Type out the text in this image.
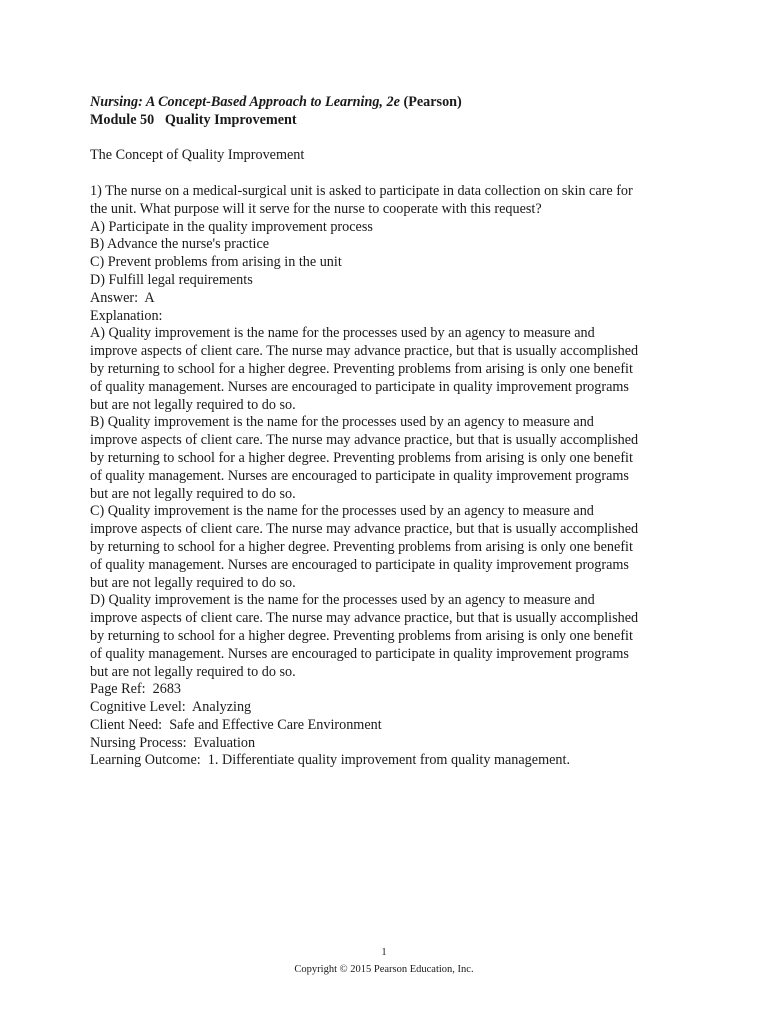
Nursing: A Concept-Based Approach to Learning, 2e (Pearson)
Module 50   Quality Improvement
The Concept of Quality Improvement
1) The nurse on a medical-surgical unit is asked to participate in data collection on skin care for
the unit. What purpose will it serve for the nurse to cooperate with this request?
A) Participate in the quality improvement process
B) Advance the nurse's practice
C) Prevent problems from arising in the unit
D) Fulfill legal requirements
Answer:  A
Explanation:
A) Quality improvement is the name for the processes used by an agency to measure and
improve aspects of client care. The nurse may advance practice, but that is usually accomplished
by returning to school for a higher degree. Preventing problems from arising is only one benefit
of quality management. Nurses are encouraged to participate in quality improvement programs
but are not legally required to do so.
B) Quality improvement is the name for the processes used by an agency to measure and
improve aspects of client care. The nurse may advance practice, but that is usually accomplished
by returning to school for a higher degree. Preventing problems from arising is only one benefit
of quality management. Nurses are encouraged to participate in quality improvement programs
but are not legally required to do so.
C) Quality improvement is the name for the processes used by an agency to measure and
improve aspects of client care. The nurse may advance practice, but that is usually accomplished
by returning to school for a higher degree. Preventing problems from arising is only one benefit
of quality management. Nurses are encouraged to participate in quality improvement programs
but are not legally required to do so.
D) Quality improvement is the name for the processes used by an agency to measure and
improve aspects of client care. The nurse may advance practice, but that is usually accomplished
by returning to school for a higher degree. Preventing problems from arising is only one benefit
of quality management. Nurses are encouraged to participate in quality improvement programs
but are not legally required to do so.
Page Ref:  2683
Cognitive Level:  Analyzing
Client Need:  Safe and Effective Care Environment
Nursing Process:  Evaluation
Learning Outcome:  1. Differentiate quality improvement from quality management.
1
Copyright © 2015 Pearson Education, Inc.
